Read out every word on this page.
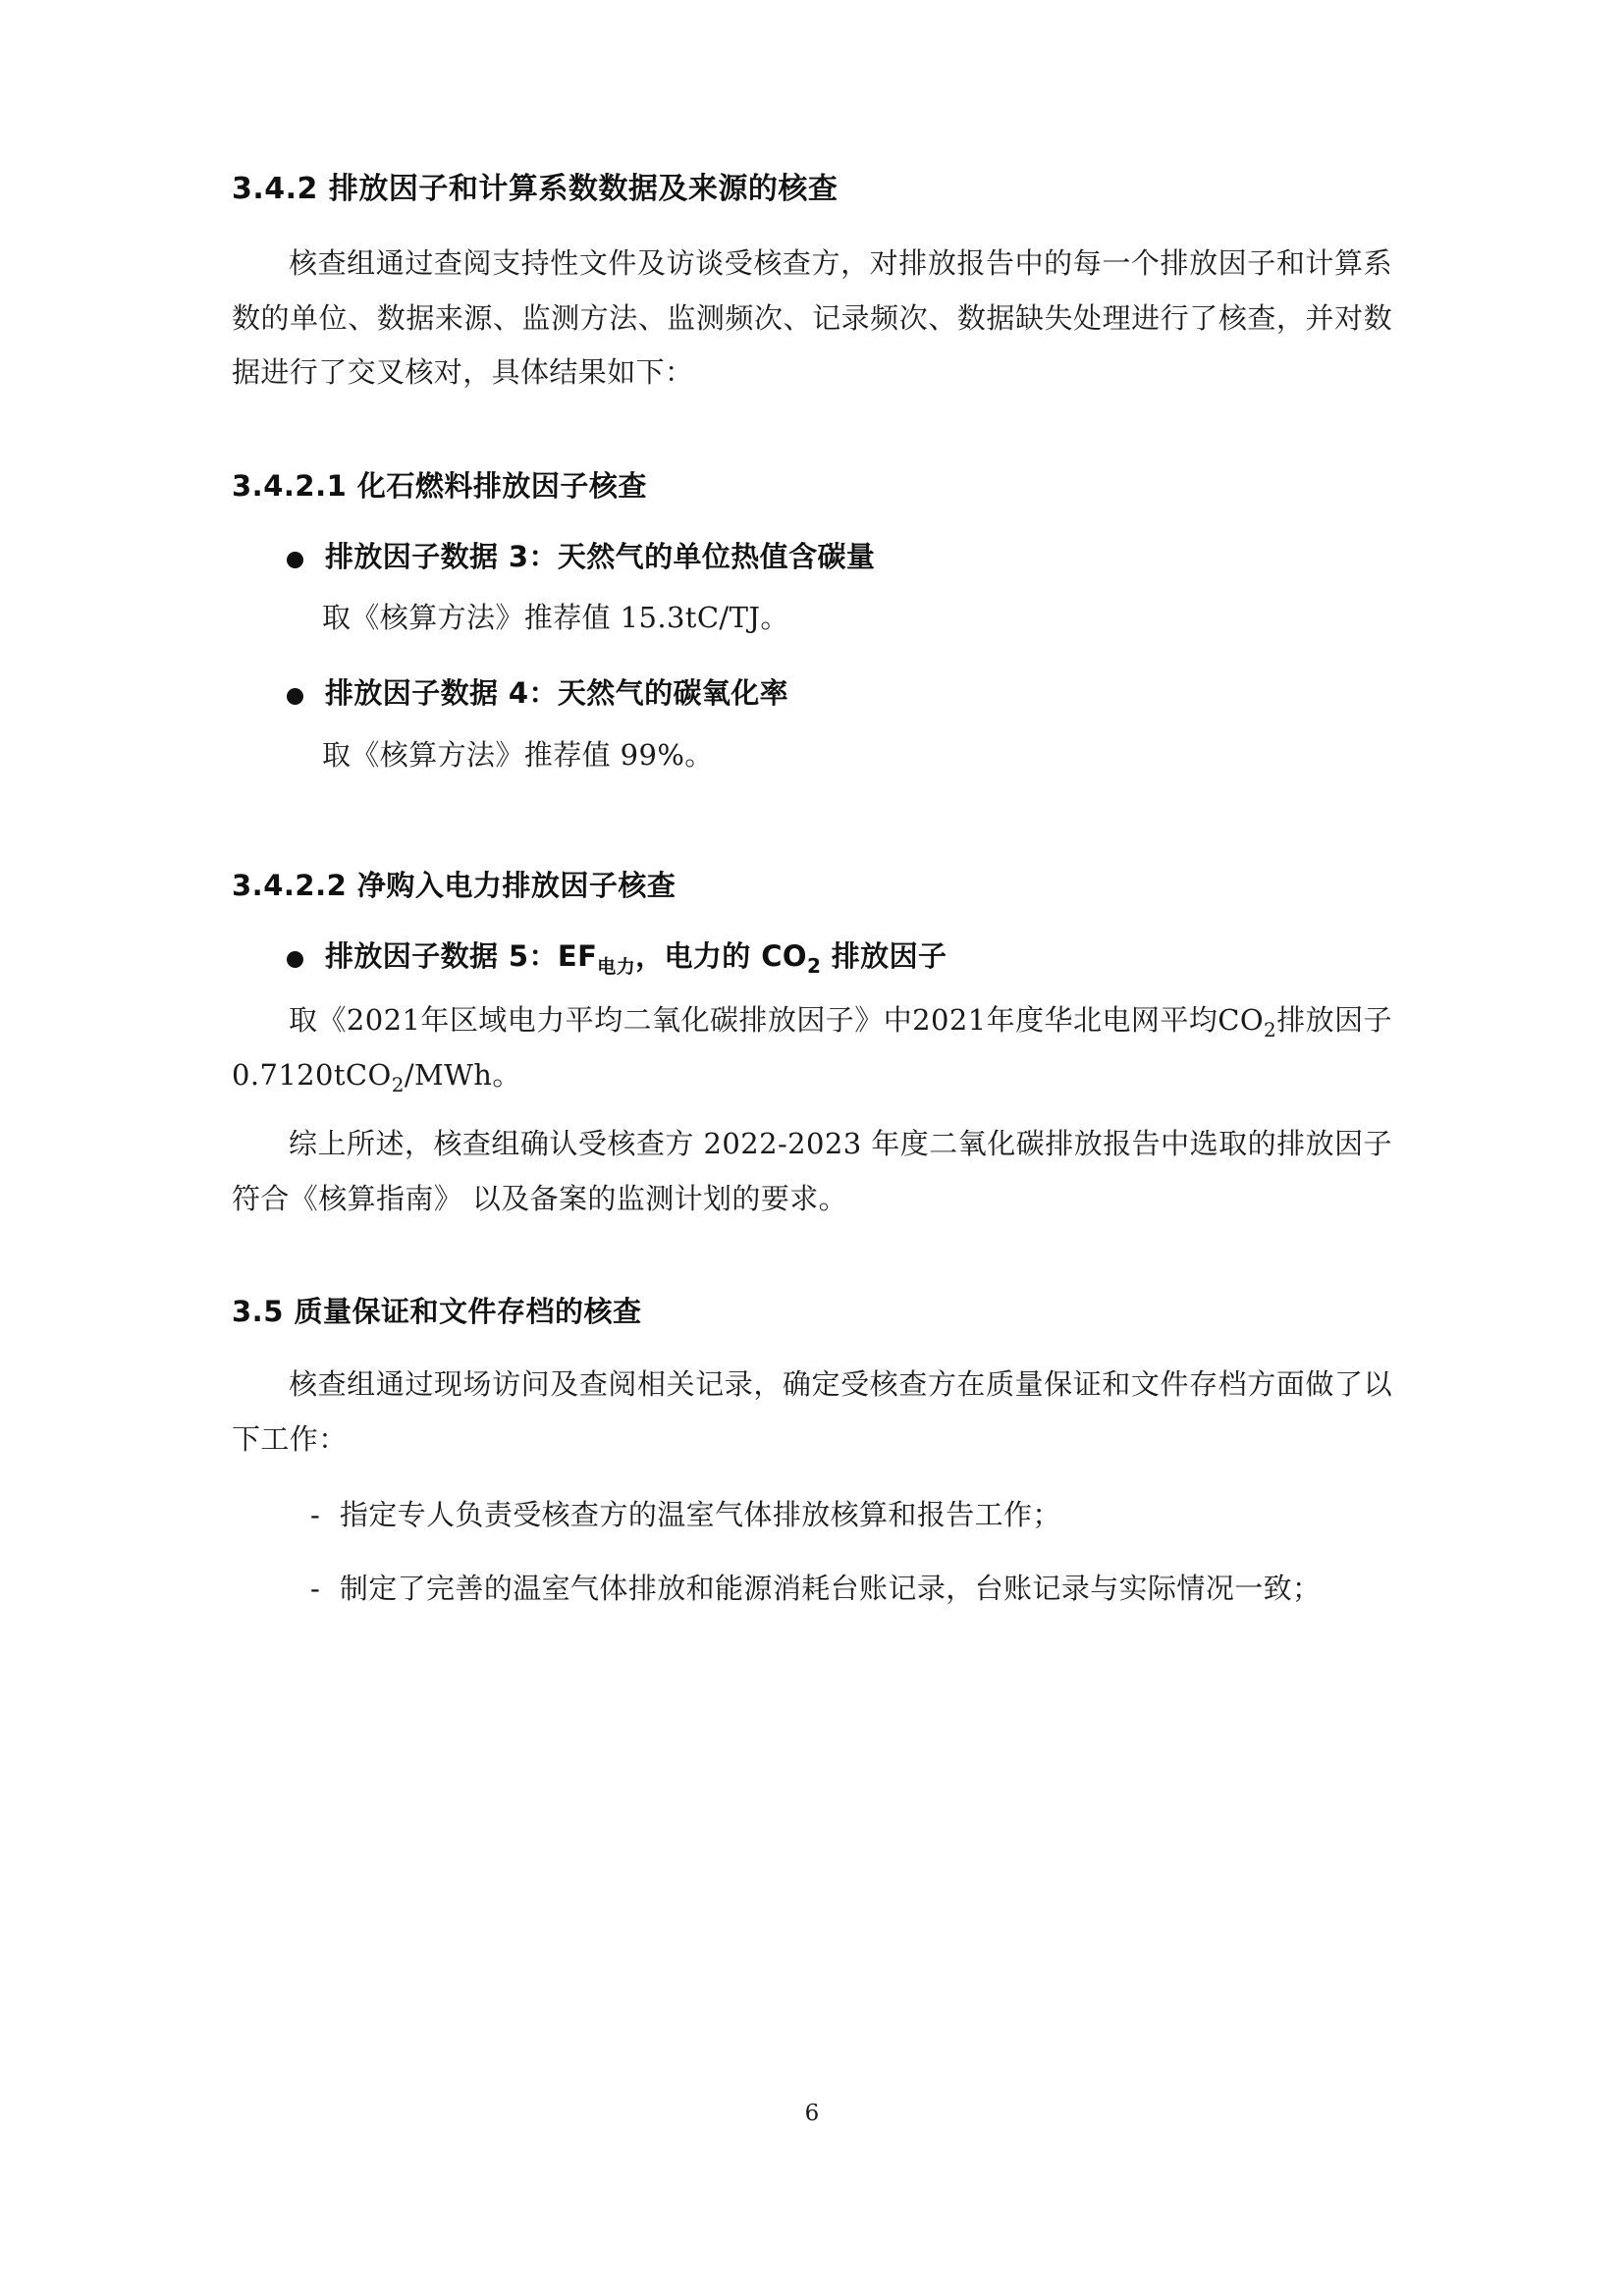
3.4.2 排放因子和计算系数数据及来源的核查

核查组通过查阅支持性文件及访谈受核查方，对排放报告中的每一个排放因子和计算系数的单位、数据来源、监测方法、监测频次、记录频次、数据缺失处理进行了核查，并对数据进行了交叉核对，具体结果如下：

3.4.2.1 化石燃料排放因子核查
排放因子数据 3：天然气的单位热值含碳量

取《核算方法》推荐值 15.3tC/TJ。

排放因子数据 4：天然气的碳氧化率

取《核算方法》推荐值 99%。

3.4.2.2 净购入电力排放因子核查
排放因子数据 5：$EF_{电力}$，电力的 $CO_2$ 排放因子

取《2021年区域电力平均二氧化碳排放因子》中2021年度华北电网平均$CO_2$排放因子0.7120tCO$_2$/MWh。

综上所述，核查组确认受核查方 2022-2023 年度二氧化碳排放报告中选取的排放因子符合《核算指南》 以及备案的监测计划的要求。

3.5 质量保证和文件存档的核查

核查组通过现场访问及查阅相关记录，确定受核查方在质量保证和文件存档方面做了以下工作：

- 指定专人负责受核查方的温室气体排放核算和报告工作；
- 制定了完善的温室气体排放和能源消耗台账记录，台账记录与实际情况一致；
6
